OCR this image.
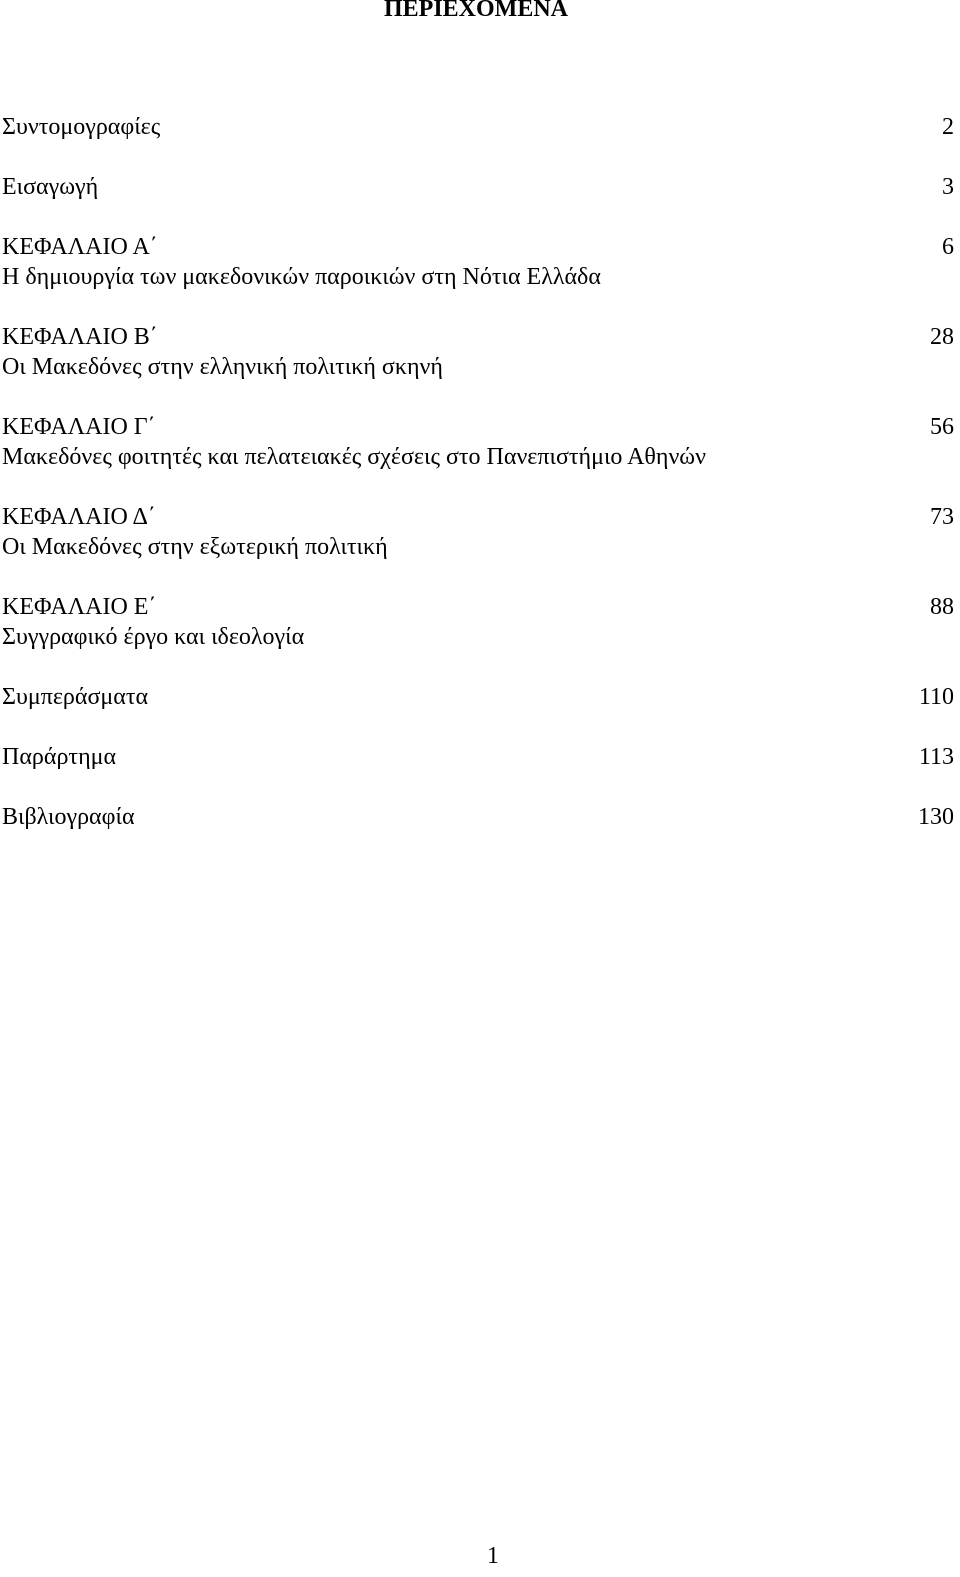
ΠΕΡΙΕΧΟΜΕΝΑ
Συντομογραφίες	2
Εισαγωγή	3
ΚΕΦΑΛΑΙΟ Α΄	6
Η δημιουργία των μακεδονικών παροικιών στη Νότια Ελλάδα
ΚΕΦΑΛΑΙΟ Β΄	28
Οι Μακεδόνες στην ελληνική πολιτική σκηνή
ΚΕΦΑΛΑΙΟ Γ΄	56
Μακεδόνες φοιτητές και πελατειακές σχέσεις στο Πανεπιστήμιο Αθηνών
ΚΕΦΑΛΑΙΟ Δ΄	73
Οι Μακεδόνες στην εξωτερική πολιτική
ΚΕΦΑΛΑΙΟ Ε΄	88
Συγγραφικό έργο και ιδεολογία
Συμπεράσματα	110
Παράρτημα	113
Βιβλιογραφία	130
1
